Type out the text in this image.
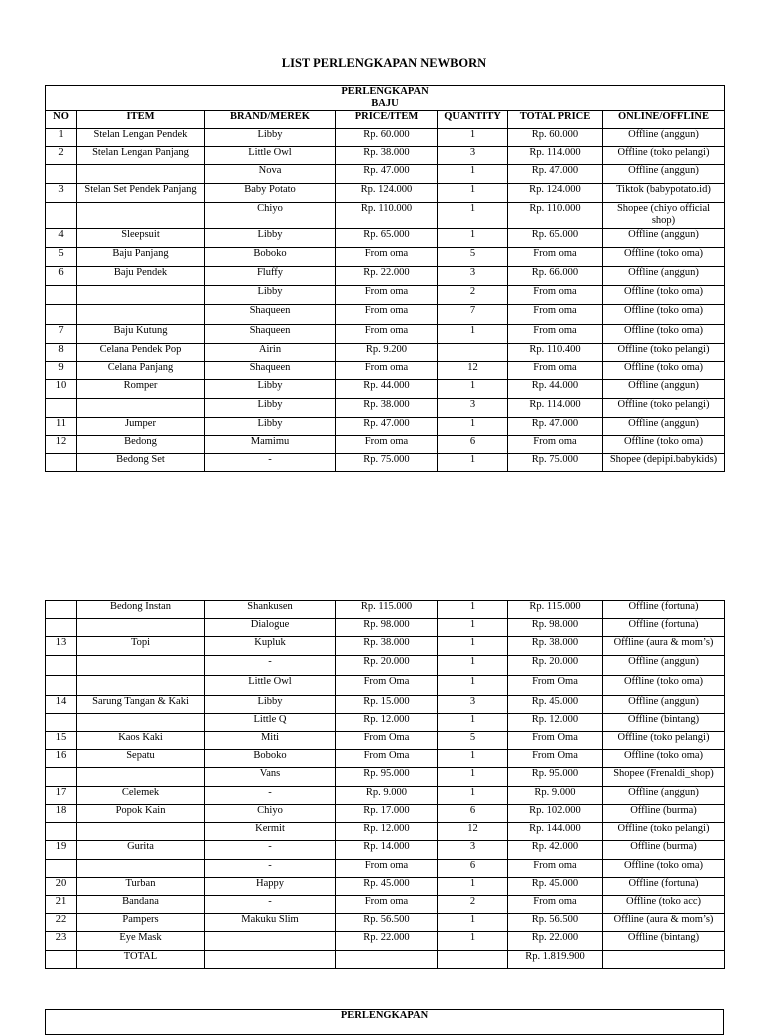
LIST PERLENGKAPAN NEWBORN
PERLENGKAPAN
BAJU						
NO	ITEM	BRAND/MEREK	PRICE/ITEM	QUANTITY	TOTAL PRICE	ONLINE/OFFLINE
1	Stelan Lengan Pendek	Libby	Rp. 60.000	1	Rp. 60.000	Offline (anggun)
2	Stelan Lengan Panjang	Little Owl	Rp. 38.000	3	Rp. 114.000	Offline (toko pelangi)
		Nova	Rp. 47.000	1	Rp. 47.000	Offline (anggun)
3	Stelan Set Pendek Panjang	Baby Potato	Rp. 124.000	1	Rp. 124.000	Tiktok (babypotato.id)
		Chiyo	Rp. 110.000	1	Rp. 110.000	Shopee (chiyo official shop)
4	Sleepsuit	Libby	Rp. 65.000	1	Rp. 65.000	Offline (anggun)
5	Baju Panjang	Boboko	From oma	5	From oma	Offline (toko oma)
6	Baju Pendek	Fluffy	Rp. 22.000	3	Rp. 66.000	Offline (anggun)
		Libby	From oma	2	From oma	Offline (toko oma)
		Shaqueen	From oma	7	From oma	Offline (toko oma)
7	Baju Kutung	Shaqueen	From oma	1	From oma	Offline (toko oma)
8	Celana Pendek Pop	Airin	Rp. 9.200		Rp. 110.400	Offline (toko pelangi)
9	Celana Panjang	Shaqueen	From oma	12	From oma	Offline (toko oma)
10	Romper	Libby	Rp. 44.000	1	Rp. 44.000	Offline (anggun)
		Libby	Rp. 38.000	3	Rp. 114.000	Offline (toko pelangi)
11	Jumper	Libby	Rp. 47.000	1	Rp. 47.000	Offline (anggun)
12	Bedong	Mamimu	From oma	6	From oma	Offline (toko oma)
	Bedong Set	-	Rp. 75.000	1	Rp. 75.000	Shopee (depipi.babykids)
	Bedong Instan	Shankusen	Rp. 115.000	1	Rp. 115.000	Offline (fortuna)
		Dialogue	Rp. 98.000	1	Rp. 98.000	Offline (fortuna)
13	Topi	Kupluk	Rp. 38.000	1	Rp. 38.000	Offline (aura & mom’s)
		-	Rp. 20.000	1	Rp. 20.000	Offline (anggun)
		Little Owl	From Oma	1	From Oma	Offline (toko oma)
14	Sarung Tangan & Kaki	Libby	Rp. 15.000	3	Rp. 45.000	Offline (anggun)
		Little Q	Rp. 12.000	1	Rp. 12.000	Offline (bintang)
15	Kaos Kaki	Miti	From Oma	5	From Oma	Offline (toko pelangi)
16	Sepatu	Boboko	From Oma	1	From Oma	Offline (toko oma)
		Vans	Rp. 95.000	1	Rp. 95.000	Shopee (Frenaldi_shop)
17	Celemek	-	Rp. 9.000	1	Rp. 9.000	Offline (anggun)
18	Popok Kain	Chiyo	Rp. 17.000	6	Rp. 102.000	Offline (burma)
		Kermit	Rp. 12.000	12	Rp. 144.000	Offline (toko pelangi)
19	Gurita	-	Rp. 14.000	3	Rp. 42.000	Offline (burma)
		-	From oma	6	From oma	Offline (toko oma)
20	Turban	Happy	Rp. 45.000	1	Rp. 45.000	Offline (fortuna)
21	Bandana	-	From oma	2	From oma	Offline (toko acc)
22	Pampers	Makuku Slim	Rp. 56.500	1	Rp. 56.500	Offline (aura & mom’s)
23	Eye Mask		Rp. 22.000	1	Rp. 22.000	Offline (bintang)
	TOTAL				Rp. 1.819.900	
PERLENGKAPAN
